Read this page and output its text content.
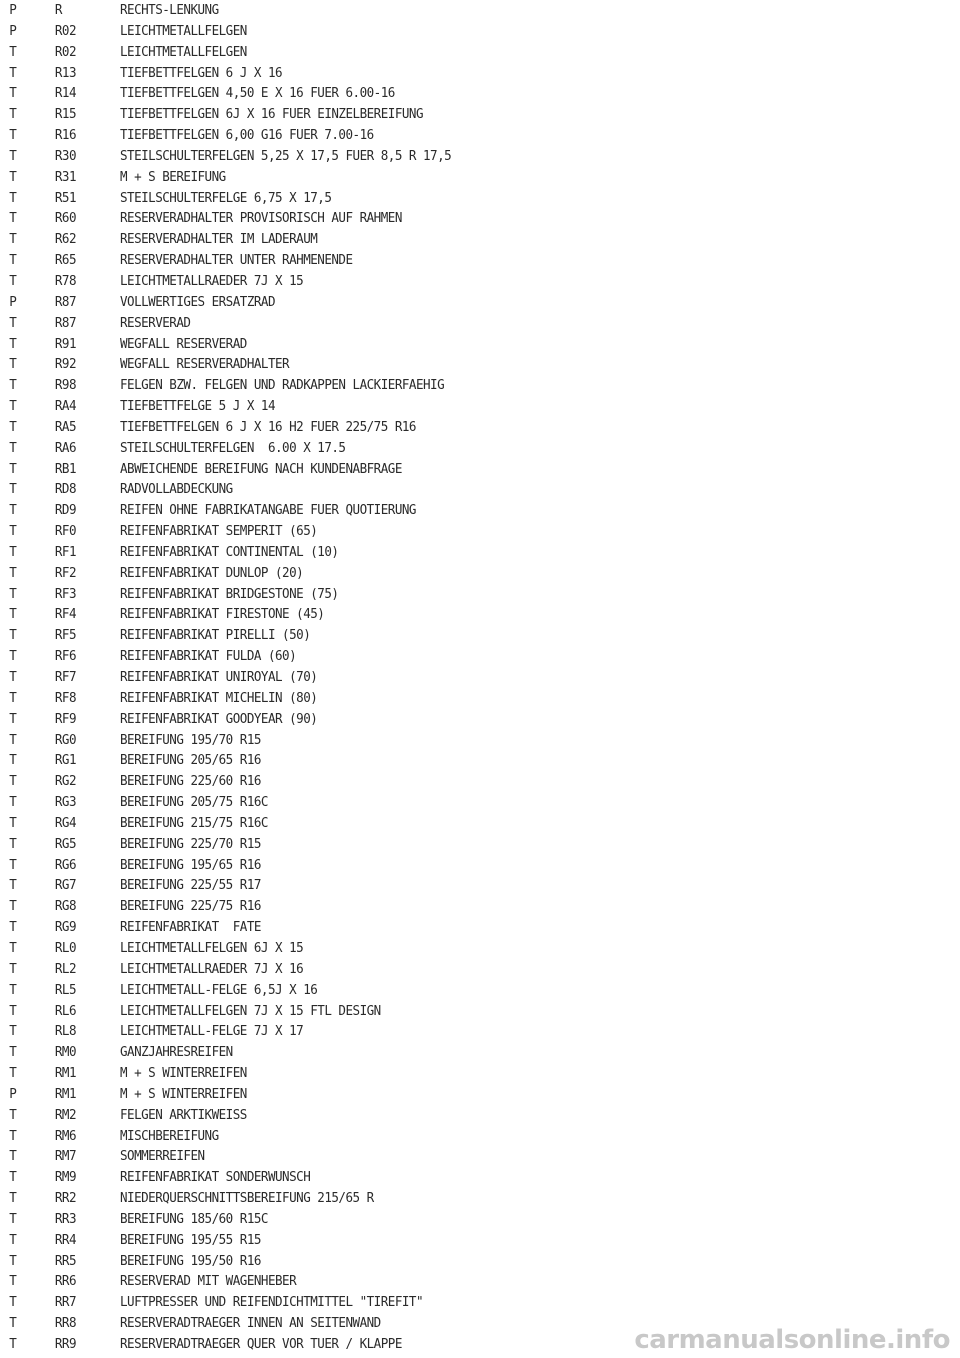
P	R	RECHTS-LENKUNG
P	R02	LEICHTMETALLFELGEN
T	R02	LEICHTMETALLFELGEN
T	R13	TIEFBETTFELGEN 6 J X 16
T	R14	TIEFBETTFELGEN 4,50 E X 16 FUER 6.00-16
T	R15	TIEFBETTFELGEN 6J X 16 FUER EINZELBEREIFUNG
T	R16	TIEFBETTFELGEN 6,00 G16 FUER 7.00-16
T	R30	STEILSCHULTERFELGEN 5,25 X 17,5 FUER 8,5 R 17,5
T	R31	M + S BEREIFUNG
T	R51	STEILSCHULTERFELGE 6,75 X 17,5
T	R60	RESERVERADHALTER PROVISORISCH AUF RAHMEN
T	R62	RESERVERADHALTER IM LADERAUM
T	R65	RESERVERADHALTER UNTER RAHMENENDE
T	R78	LEICHTMETALLRAEDER 7J X 15
P	R87	VOLLWERTIGES ERSATZRAD
T	R87	RESERVERAD
T	R91	WEGFALL RESERVERAD
T	R92	WEGFALL RESERVERADHALTER
T	R98	FELGEN BZW. FELGEN UND RADKAPPEN LACKIERFAEHIG
T	RA4	TIEFBETTFELGE 5 J X 14
T	RA5	TIEFBETTFELGEN 6 J X 16 H2 FUER 225/75 R16
T	RA6	STEILSCHULTERFELGEN  6.00 X 17.5
T	RB1	ABWEICHENDE BEREIFUNG NACH KUNDENABFRAGE
T	RD8	RADVOLLABDECKUNG
T	RD9	REIFEN OHNE FABRIKATANGABE FUER QUOTIERUNG
T	RF0	REIFENFABRIKAT SEMPERIT (65)
T	RF1	REIFENFABRIKAT CONTINENTAL (10)
T	RF2	REIFENFABRIKAT DUNLOP (20)
T	RF3	REIFENFABRIKAT BRIDGESTONE (75)
T	RF4	REIFENFABRIKAT FIRESTONE (45)
T	RF5	REIFENFABRIKAT PIRELLI (50)
T	RF6	REIFENFABRIKAT FULDA (60)
T	RF7	REIFENFABRIKAT UNIROYAL (70)
T	RF8	REIFENFABRIKAT MICHELIN (80)
T	RF9	REIFENFABRIKAT GOODYEAR (90)
T	RG0	BEREIFUNG 195/70 R15
T	RG1	BEREIFUNG 205/65 R16
T	RG2	BEREIFUNG 225/60 R16
T	RG3	BEREIFUNG 205/75 R16C
T	RG4	BEREIFUNG 215/75 R16C
T	RG5	BEREIFUNG 225/70 R15
T	RG6	BEREIFUNG 195/65 R16
T	RG7	BEREIFUNG 225/55 R17
T	RG8	BEREIFUNG 225/75 R16
T	RG9	REIFENFABRIKAT  FATE
T	RL0	LEICHTMETALLFELGEN 6J X 15
T	RL2	LEICHTMETALLRAEDER 7J X 16
T	RL5	LEICHTMETALL-FELGE 6,5J X 16
T	RL6	LEICHTMETALLFELGEN 7J X 15 FTL DESIGN
T	RL8	LEICHTMETALL-FELGE 7J X 17
T	RM0	GANZJAHRESREIFEN
T	RM1	M + S WINTERREIFEN
P	RM1	M + S WINTERREIFEN
T	RM2	FELGEN ARKTIKWEISS
T	RM6	MISCHBEREIFUNG
T	RM7	SOMMERREIFEN
T	RM9	REIFENFABRIKAT SONDERWUNSCH
T	RR2	NIEDERQUERSCHNITTSBEREIFUNG 215/65 R
T	RR3	BEREIFUNG 185/60 R15C
T	RR4	BEREIFUNG 195/55 R15
T	RR5	BEREIFUNG 195/50 R16
T	RR6	RESERVERAD MIT WAGENHEBER
T	RR7	LUFTPRESSER UND REIFENDICHTMITTEL "TIREFIT"
T	RR8	RESERVERADTRAEGER INNEN AN SEITENWAND
T	RR9	RESERVERADTRAEGER QUER VOR TUER / KLAPPE	carmanualsonline.info
